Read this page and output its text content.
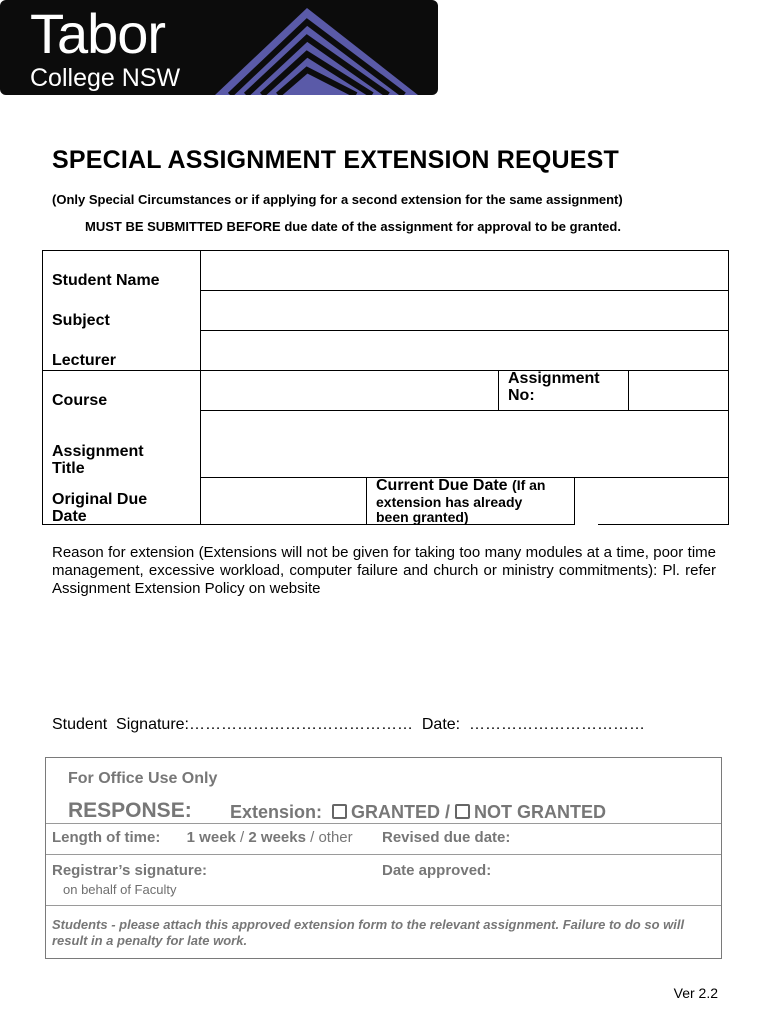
Tabor
College NSW
SPECIAL ASSIGNMENT EXTENSION REQUEST
(Only Special Circumstances or if applying for a second extension for the same assignment)
MUST BE SUBMITTED BEFORE due date of the assignment for approval to be granted.
Student Name
Subject
Lecturer
Course
Assignment
No:
Assignment
Title
Original Due
Date
Current Due Date (If an
extension has already
been granted)
Reason for extension (Extensions will not be given for taking too many modules at a time, poor time management, excessive workload, computer failure and church or ministry commitments): Pl. refer Assignment Extension Policy on website
Student  Signature:……………………………………  Date:  ……………………………
For Office Use Only
RESPONSE: Extension: GRANTED / NOT GRANTED
Length of time: 1 week / 2 weeks / other Revised due date:
Registrar’s signature:
on behalf of Faculty
Date approved:
Students - please attach this approved extension form to the relevant assignment. Failure to do so will result in a penalty for late work.
Ver 2.2
